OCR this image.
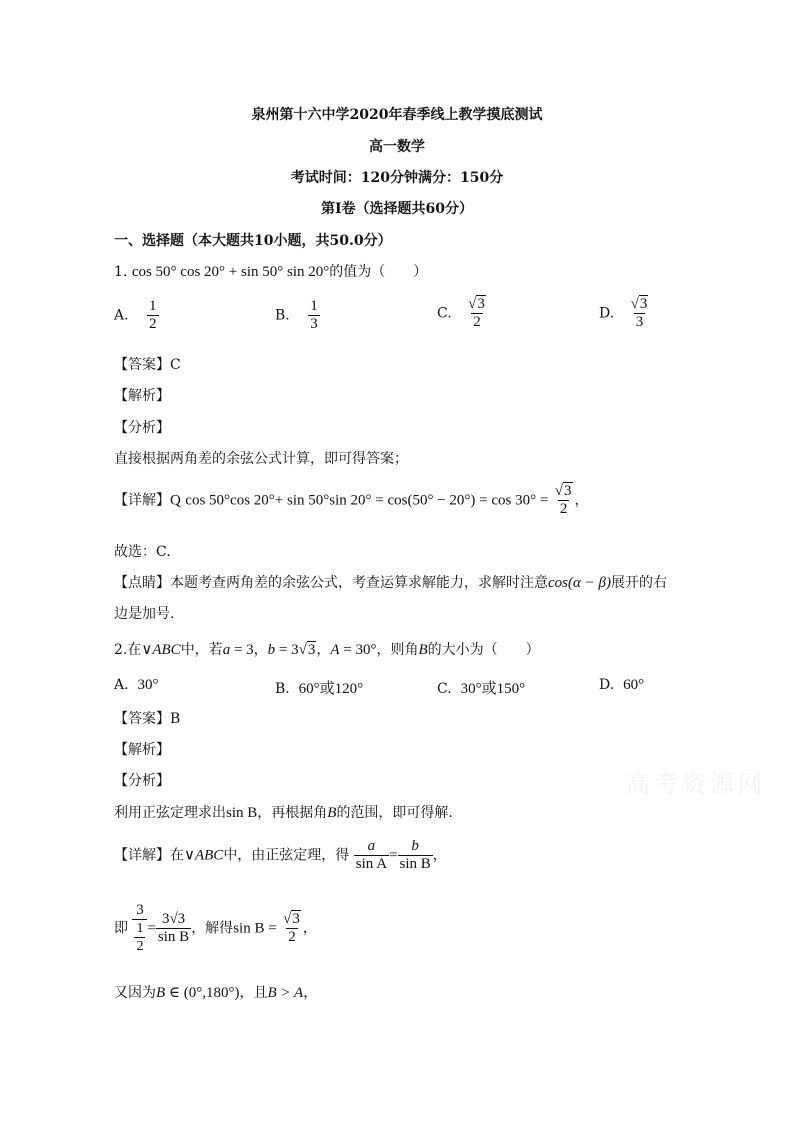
高考资源网
泉州第十六中学2020年春季线上教学摸底测试
高一数学
考试时间：120分钟满分：150分
第Ⅰ卷（选择题共60分）
一、选择题（本大题共10小题，共50.0分）
1. cos 50° cos 20° + sin 50° sin 20°的值为（　　）
A. $\frac{1}{2}$	B. $\frac{1}{3}$	C. $\frac{√3}{2}$	D. $\frac{√3}{3}$
【答案】C
【解析】
【分析】
直接根据两角差的余弦公式计算，即可得答案；
【详解】Q cos 50°cos 20°+ sin 50°sin $20^\circ = \cos(50^\circ - 20^\circ) = \cos 30^\circ = \frac{√3}{2}$ ，
故选：C.
【点睛】本题考查两角差的余弦公式，考查运算求解能力，求解时注意cos(α − β)展开的右
边是加号.
2.在∨ABC中，若a = 3，b = 3√3，A = 30°，则角B的大小为（　　）
A. 30°	B. 60°或120°	C. 30°或150°	D. 60°
【答案】B
【解析】
【分析】
利用正弦定理求出sin B，再根据角B的范围，即可得解.
【详解】在∨ABC中，由正弦定理，得 $\frac{a}{\text{sin A}} = \frac{b}{\text{sin B}}$ ，
即 $\frac{3}{\frac{1}{2}} = \frac{3√3}{\text{sin B}}$ ，解得$\sin B = \frac{√3}{2}$ ，
又因为B ∈ (0°,180°)，且B > A，
